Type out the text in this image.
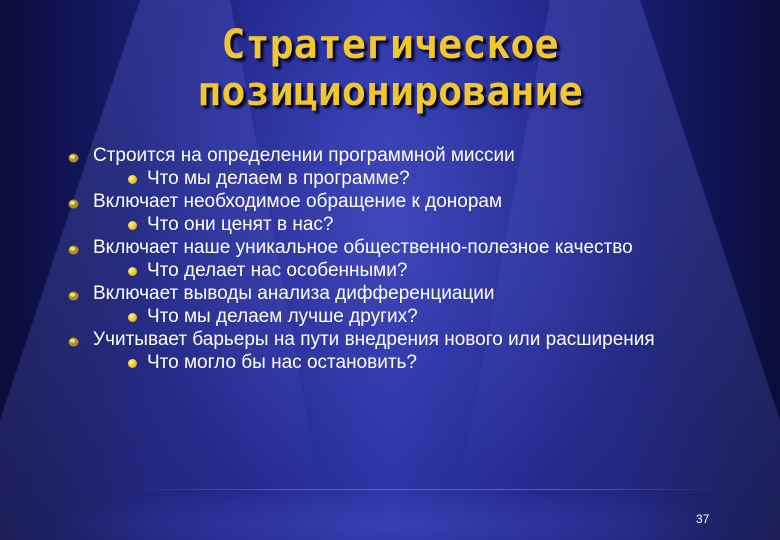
Стратегическое
позиционирование
Строится на определении программной миссии
Что мы делаем в программе?
Включает необходимое обращение к донорам
Что они ценят в нас?
Включает наше уникальное общественно-полезное качество
Что делает нас особенными?
Включает выводы анализа дифференциации
Что мы делаем лучше других?
Учитывает барьеры на пути внедрения нового или расширения
Что могло бы нас остановить?
37
